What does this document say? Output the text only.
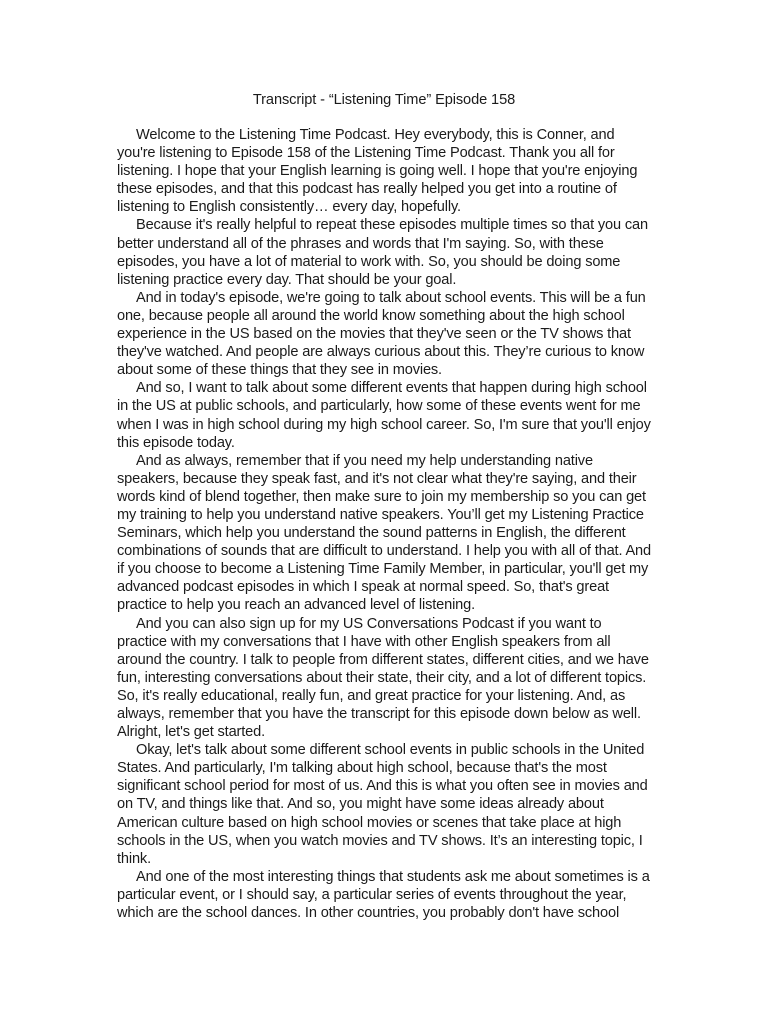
Transcript - “Listening Time” Episode 158

Welcome to the Listening Time Podcast. Hey everybody, this is Conner, and you're listening to Episode 158 of the Listening Time Podcast. Thank you all for listening. I hope that your English learning is going well. I hope that you're enjoying these episodes, and that this podcast has really helped you get into a routine of listening to English consistently… every day, hopefully.

Because it's really helpful to repeat these episodes multiple times so that you can better understand all of the phrases and words that I'm saying. So, with these episodes, you have a lot of material to work with. So, you should be doing some listening practice every day. That should be your goal.

And in today's episode, we're going to talk about school events. This will be a fun one, because people all around the world know something about the high school experience in the US based on the movies that they've seen or the TV shows that they've watched. And people are always curious about this. They’re curious to know about some of these things that they see in movies.

And so, I want to talk about some different events that happen during high school in the US at public schools, and particularly, how some of these events went for me when I was in high school during my high school career. So, I'm sure that you'll enjoy this episode today.

And as always, remember that if you need my help understanding native speakers, because they speak fast, and it's not clear what they're saying, and their words kind of blend together, then make sure to join my membership so you can get my training to help you understand native speakers. You’ll get my Listening Practice Seminars, which help you understand the sound patterns in English, the different combinations of sounds that are difficult to understand. I help you with all of that. And if you choose to become a Listening Time Family Member, in particular, you'll get my advanced podcast episodes in which I speak at normal speed. So, that's great practice to help you reach an advanced level of listening.

And you can also sign up for my US Conversations Podcast if you want to practice with my conversations that I have with other English speakers from all around the country. I talk to people from different states, different cities, and we have fun, interesting conversations about their state, their city, and a lot of different topics. So, it's really educational, really fun, and great practice for your listening. And, as always, remember that you have the transcript for this episode down below as well. Alright, let's get started.

Okay, let's talk about some different school events in public schools in the United States. And particularly, I'm talking about high school, because that's the most significant school period for most of us. And this is what you often see in movies and on TV, and things like that. And so, you might have some ideas already about American culture based on high school movies or scenes that take place at high schools in the US, when you watch movies and TV shows. It’s an interesting topic, I think.

And one of the most interesting things that students ask me about sometimes is a particular event, or I should say, a particular series of events throughout the year, which are the school dances. In other countries, you probably don't have school
